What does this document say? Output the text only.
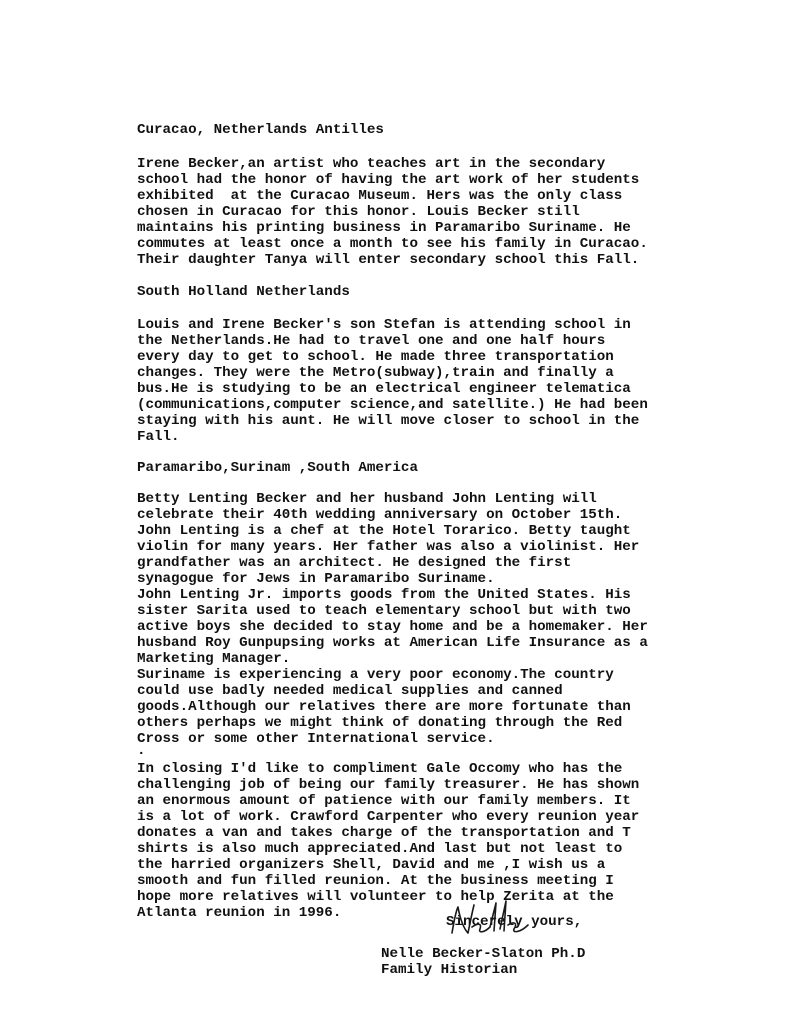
Curacao, Netherlands Antilles
Irene Becker,an artist who teaches art in the secondary
school had the honor of having the art work of her students
exhibited  at the Curacao Museum. Hers was the only class
chosen in Curacao for this honor. Louis Becker still
maintains his printing business in Paramaribo Suriname. He
commutes at least once a month to see his family in Curacao.
Their daughter Tanya will enter secondary school this Fall.
South Holland Netherlands
Louis and Irene Becker's son Stefan is attending school in
the Netherlands.He had to travel one and one half hours
every day to get to school. He made three transportation
changes. They were the Metro(subway),train and finally a
bus.He is studying to be an electrical engineer telematica
(communications,computer science,and satellite.) He had been
staying with his aunt. He will move closer to school in the
Fall.
Paramaribo,Surinam ,South America
Betty Lenting Becker and her husband John Lenting will
celebrate their 40th wedding anniversary on October 15th.
John Lenting is a chef at the Hotel Torarico. Betty taught
violin for many years. Her father was also a violinist. Her
grandfather was an architect. He designed the first
synagogue for Jews in Paramaribo Suriname.
John Lenting Jr. imports goods from the United States. His
sister Sarita used to teach elementary school but with two
active boys she decided to stay home and be a homemaker. Her
husband Roy Gunpupsing works at American Life Insurance as a
Marketing Manager.
Suriname is experiencing a very poor economy.The country
could use badly needed medical supplies and canned
goods.Although our relatives there are more fortunate than
others perhaps we might think of donating through the Red
Cross or some other International service.
.
In closing I'd like to compliment Gale Occomy who has the
challenging job of being our family treasurer. He has shown
an enormous amount of patience with our family members. It
is a lot of work. Crawford Carpenter who every reunion year
donates a van and takes charge of the transportation and T
shirts is also much appreciated.And last but not least to
the harried organizers Shell, David and me ,I wish us a
smooth and fun filled reunion. At the business meeting I
hope more relatives will volunteer to help Zerita at the
Atlanta reunion in 1996.
Sincerely yours,
Nelle Becker-Slaton Ph.D
Family Historian
